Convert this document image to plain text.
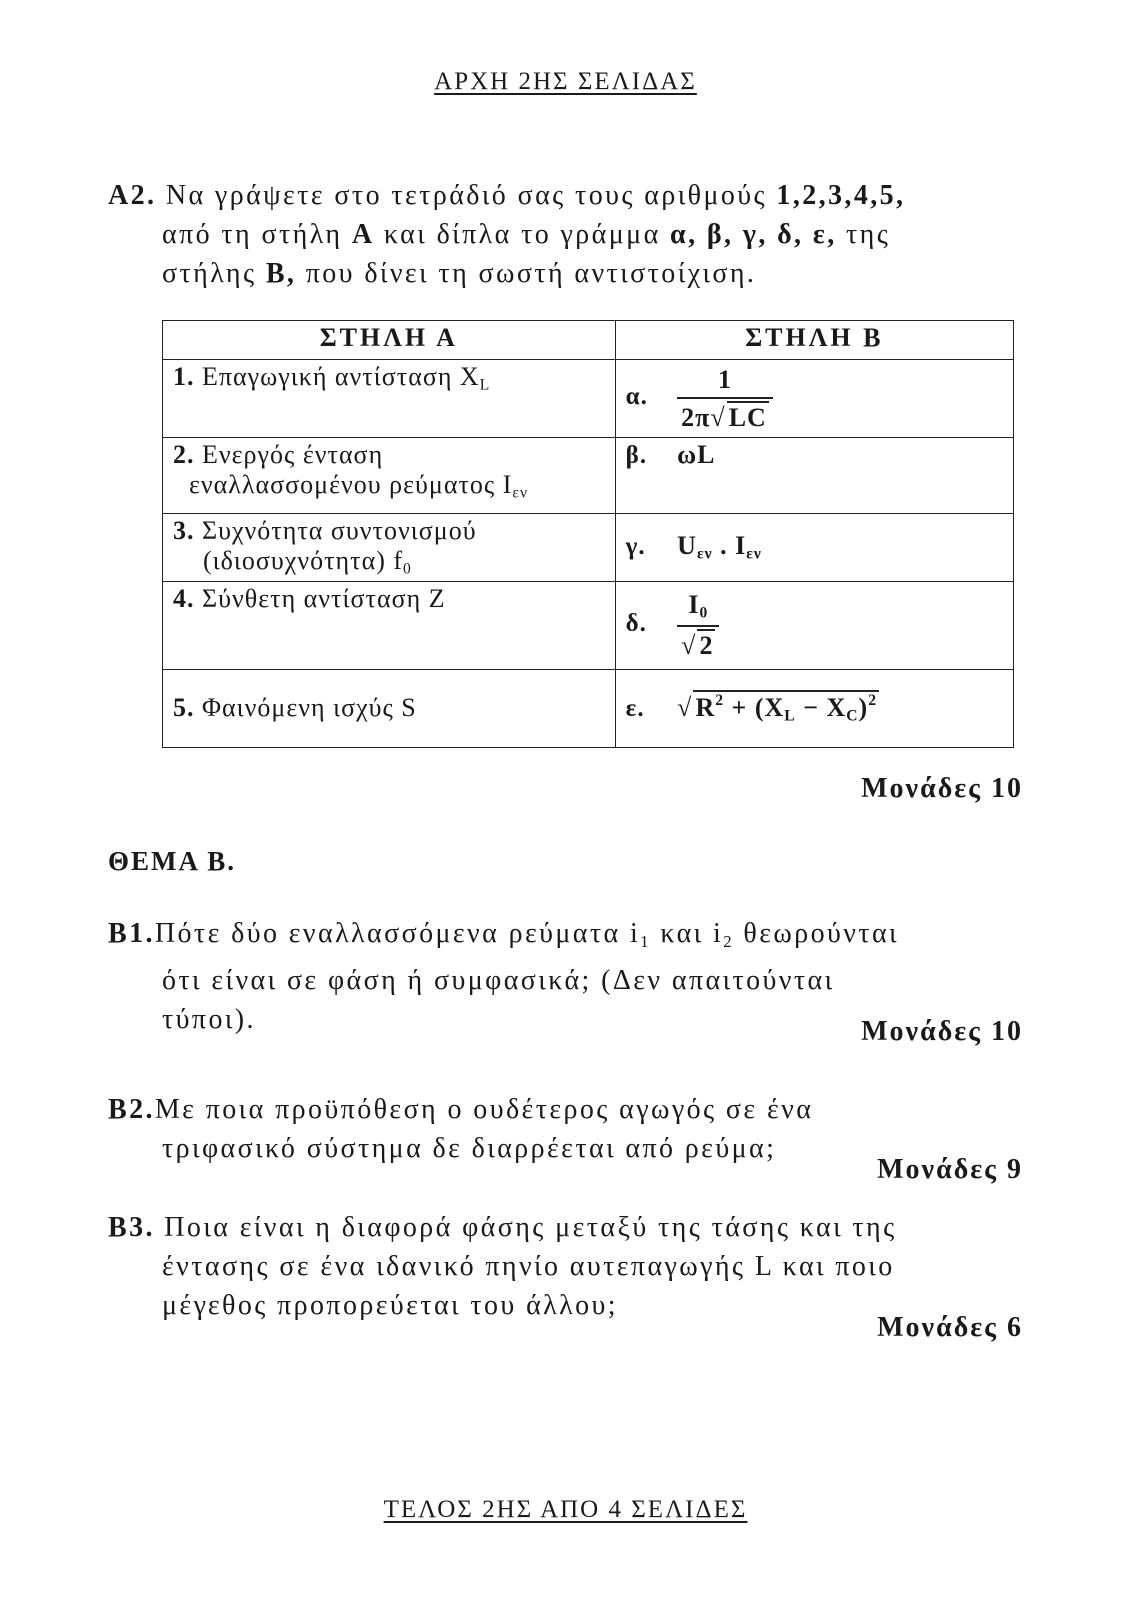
ΑΡΧΗ 2ΗΣ ΣΕΛΙΔΑΣ

Α2. Να γράψετε στο τετράδιό σας τους αριθμούς 1,2,3,4,5,

από τη στήλη Α και δίπλα το γράμμα α, β, γ, δ, ε, της

στήλης Β, που δίνει τη σωστή αντιστοίχιση.

ΣΤΗΛΗ Α	ΣΤΗΛΗ Β
1. Επαγωγική αντίσταση $X_L$	α. $\frac{1}{2\pi√ LC}$

2. Ενεργός ένταση
εναλλασσομένου ρεύματος $I_{\varepsilon\nu}$	β. ωL

3. Συχνότητα συντονισμού
(ιδιοσυχνότητα) $f_0$	γ. $U_{\varepsilon\nu}$ . $I_{\varepsilon\nu}$
4. Σύνθετη αντίσταση Z	δ. $\frac{I_0}{√ 2}$

5. Φαινόμενη ισχύς S	ε. √ $R^2 + (X_L - X_C)^2$
Μονάδες 10
ΘΕΜΑ Β.

Β1.Πότε δύο εναλλασσόμενα ρεύματα $i_1$ και $i_2$ θεωρούνται

ότι είναι σε φάση ή συμφασικά; (Δεν απαιτούνται

τύποι).	Μονάδες 10

Β2.Με ποια προϋπόθεση ο ουδέτερος αγωγός σε ένα

τριφασικό σύστημα δε διαρρέεται από ρεύμα;

Μονάδες 9

Β3. Ποια είναι η διαφορά φάσης μεταξύ της τάσης και της

έντασης σε ένα ιδανικό πηνίο αυτεπαγωγής L και ποιο

μέγεθος προπορεύεται του άλλου;

Μονάδες 6
ΤΕΛΟΣ 2ΗΣ ΑΠΟ 4 ΣΕΛΙΔΕΣ
